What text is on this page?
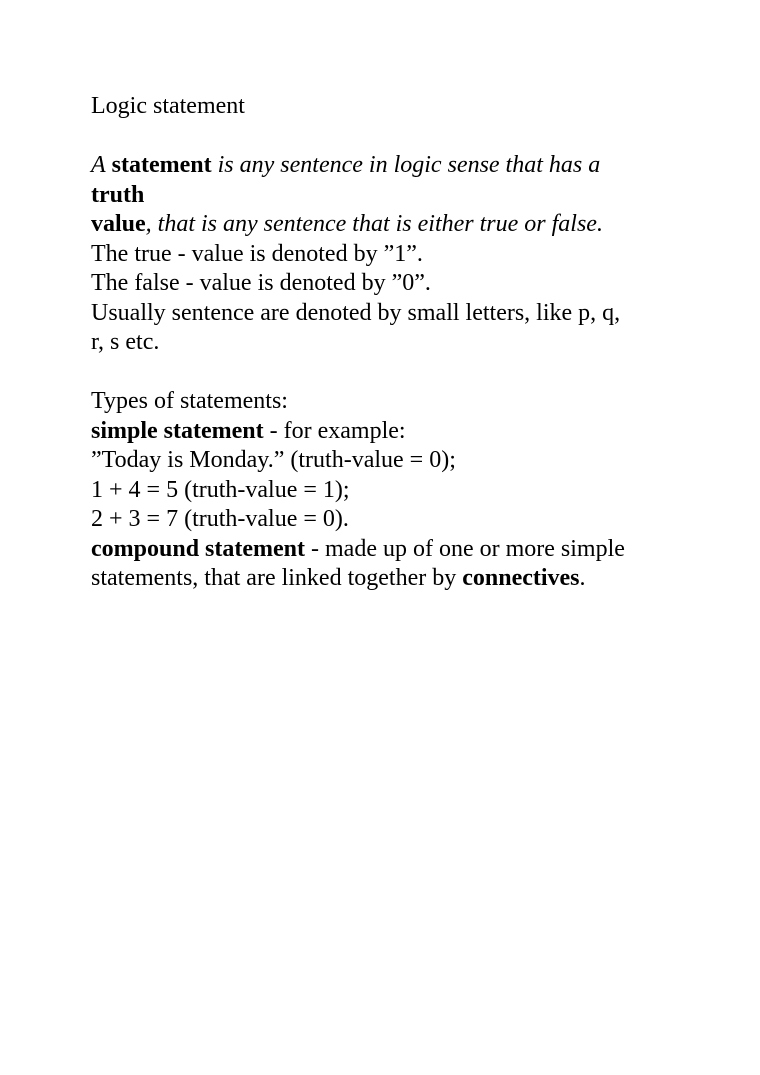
Logic statement
A statement is any sentence in logic sense that has a
truth
value, that is any sentence that is either true or false.
The true - value is denoted by ”1”.
The false - value is denoted by ”0”.
Usually sentence are denoted by small letters, like p, q,
r, s etc.
Types of statements:
simple statement - for example:
”Today is Monday.” (truth-value = 0);
1 + 4 = 5 (truth-value = 1);
2 + 3 = 7 (truth-value = 0).
compound statement - made up of one or more simple
statements, that are linked together by connectives.
